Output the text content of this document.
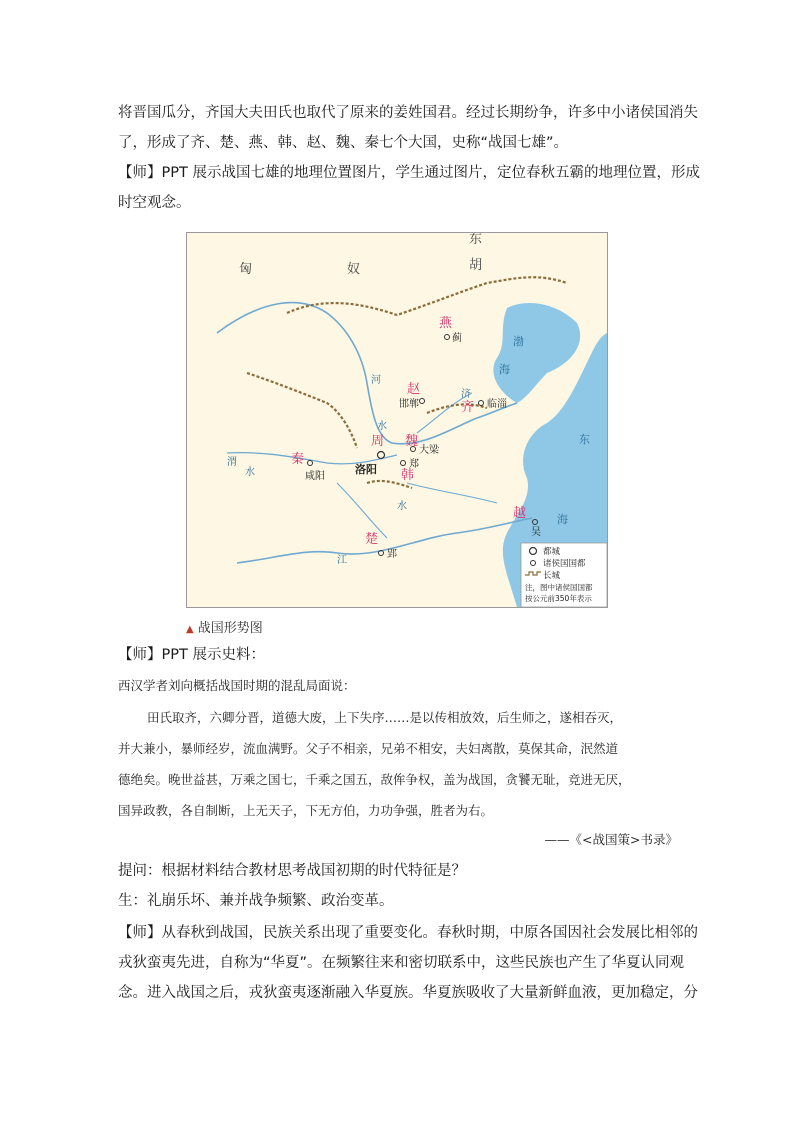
将晋国瓜分，齐国大夫田氏也取代了原来的姜姓国君。经过长期纷争，许多中小诸侯国消失
了，形成了齐、楚、燕、韩、赵、魏、秦七个大国，史称“战国七雄”。

【师】PPT 展示战国七雄的地理位置图片，学生通过图片，定位春秋五霸的地理位置，形成
时空观念。

匈	奴
东
胡
燕
赵
齐
魏
韩
秦
周
越
楚
蓟
邯郸	临淄
大梁
郑
咸阳
洛阳
吴
郢
渤
海
东
海
河
水
济
水
渭
水
江
都城
诸侯国国都
长城
注，图中诸侯国国都
按公元前350年表示
▲ 战国形势图

【师】PPT 展示史料：

西汉学者刘向概括战国时期的混乱局面说：

田氏取齐，六卿分晋，道德大废，上下失序……是以传相放效，后生师之，遂相吞灭，
并大兼小，暴师经岁，流血满野。父子不相亲，兄弟不相安，夫妇离散，莫保其命，泯然道
德绝矣。晚世益甚，万乘之国七，千乘之国五，敌侔争权，盖为战国，贪饕无耻，竞进无厌，
国异政教，各自制断，上无天子，下无方伯，力功争强，胜者为右。

——《<战国策>书录》

提问：根据材料结合教材思考战国初期的时代特征是？

生：礼崩乐坏、兼并战争频繁、政治变革。

【师】从春秋到战国，民族关系出现了重要变化。春秋时期，中原各国因社会发展比相邻的
戎狄蛮夷先进，自称为“华夏”。在频繁往来和密切联系中，这些民族也产生了华夏认同观
念。进入战国之后，戎狄蛮夷逐渐融入华夏族。华夏族吸收了大量新鲜血液，更加稳定，分
